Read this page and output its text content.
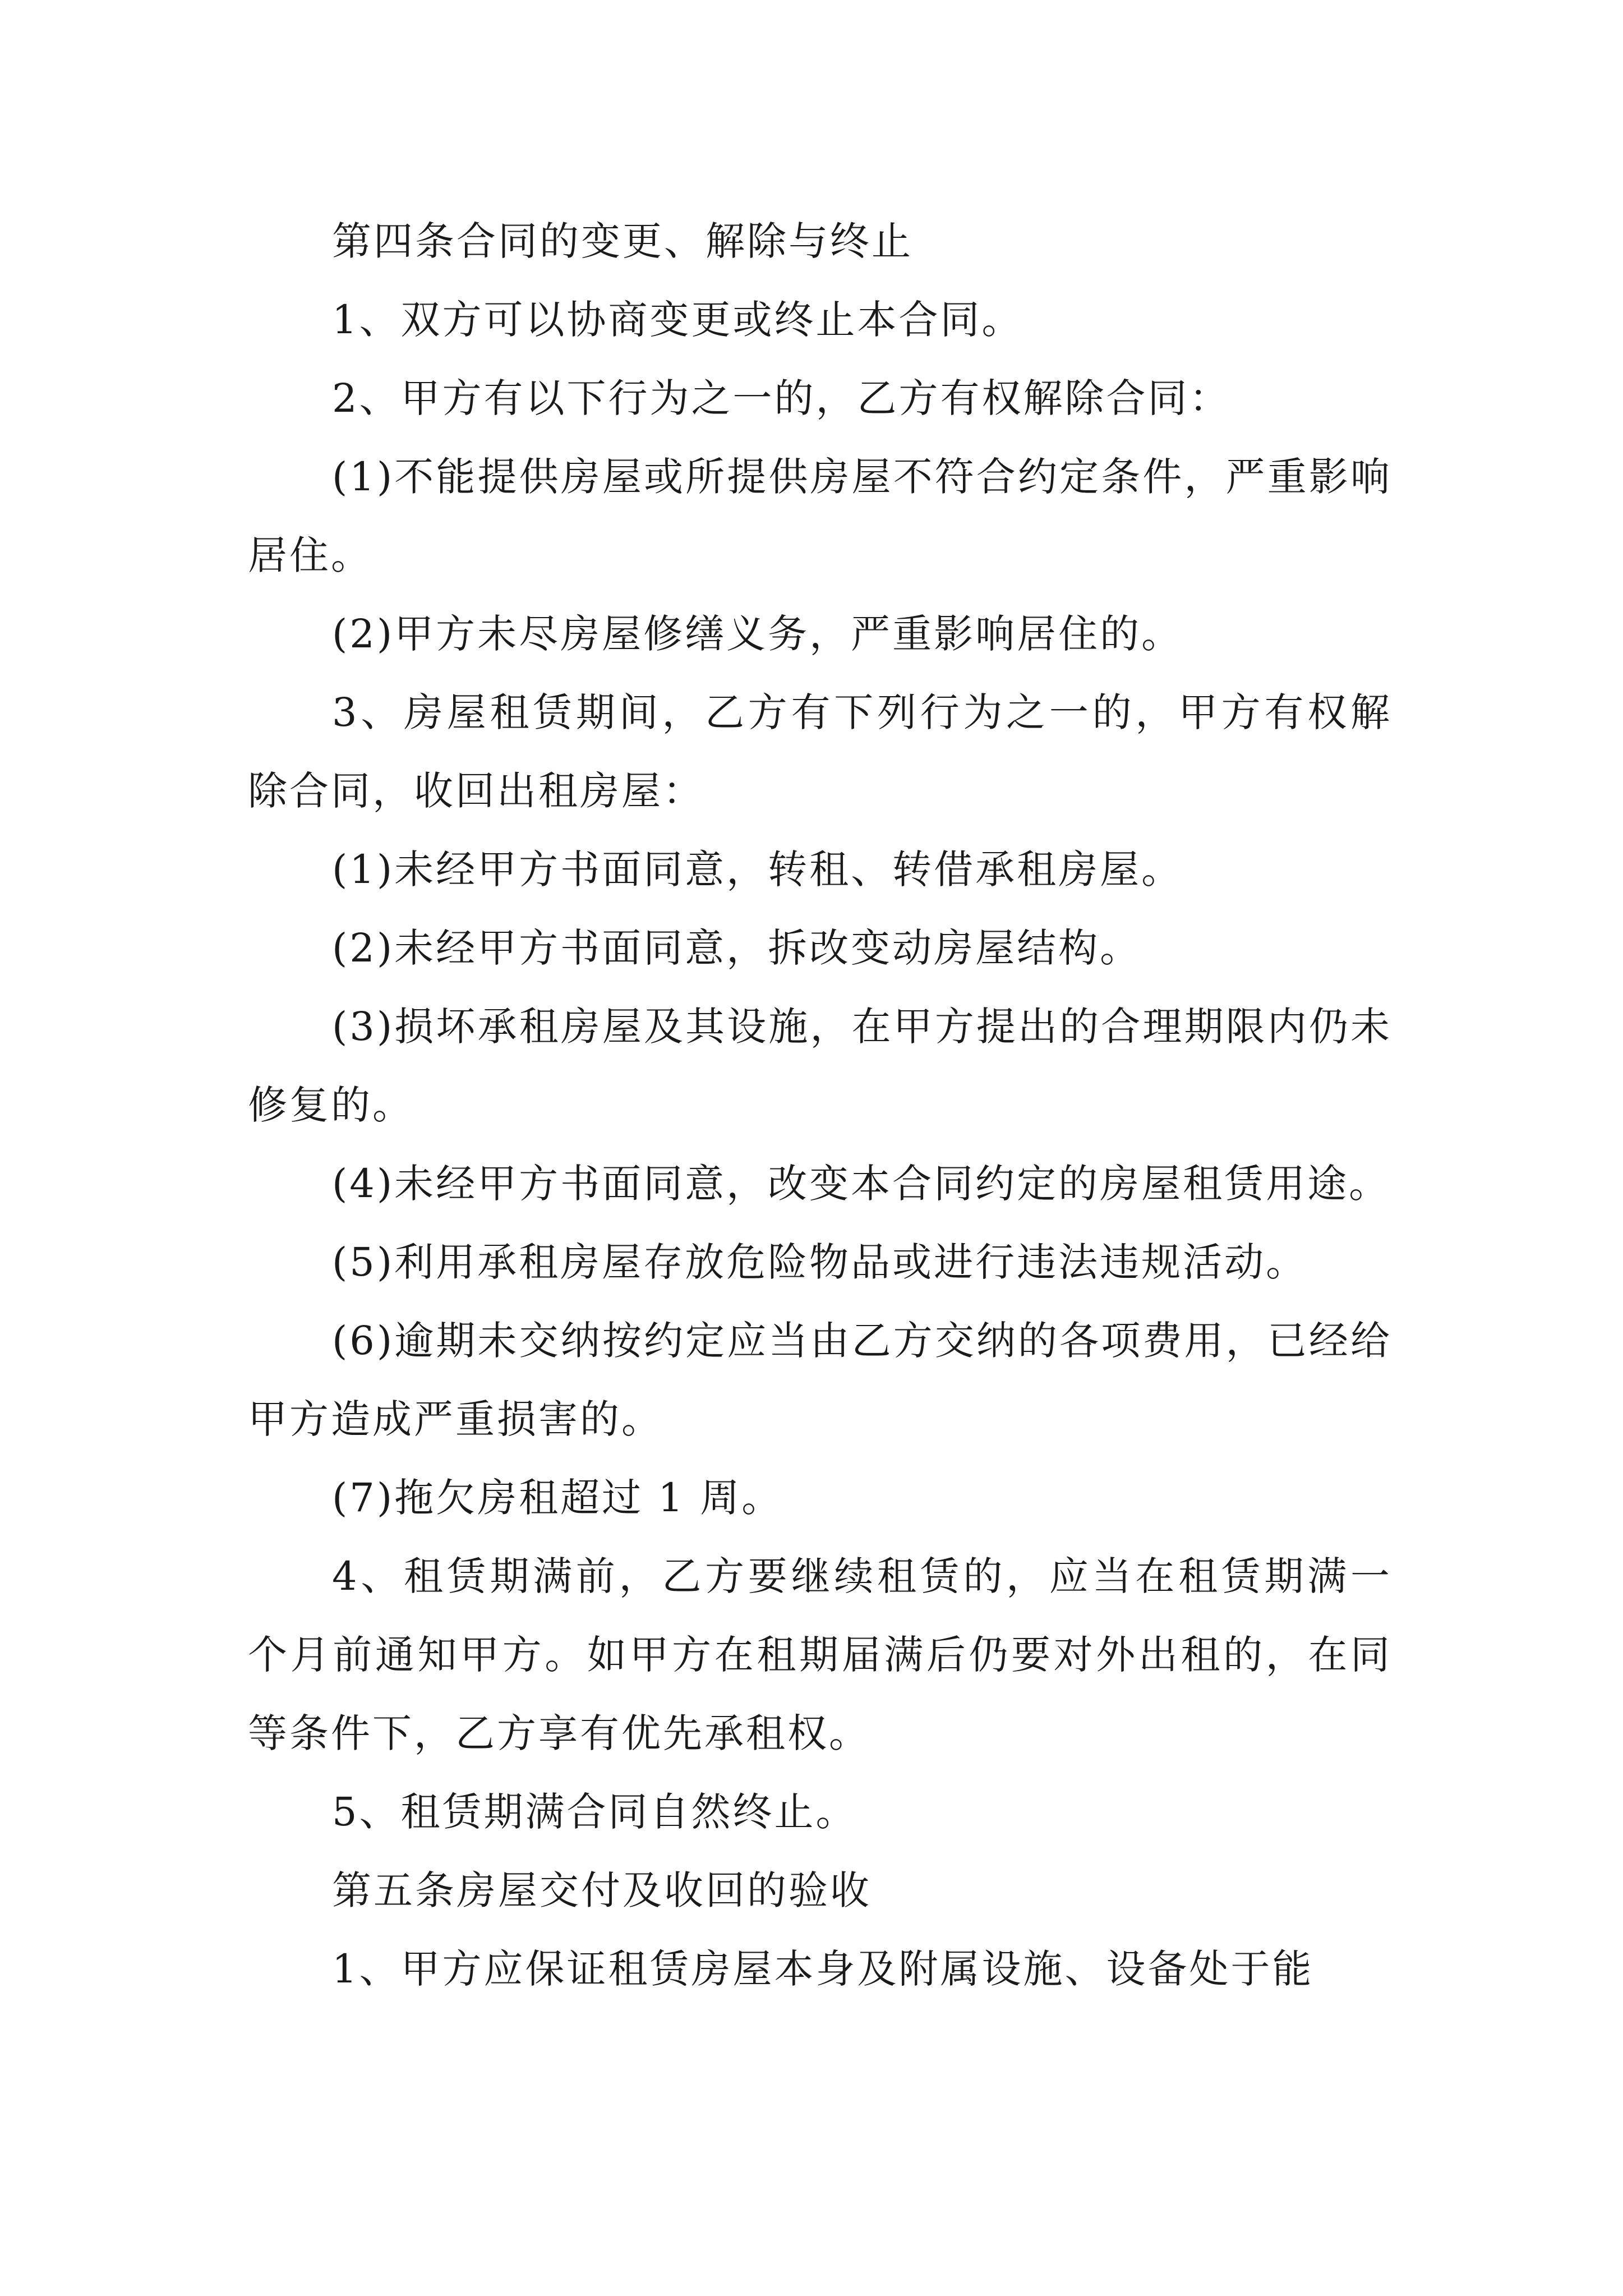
第四条合同的变更、解除与终止

1、双方可以协商变更或终止本合同。

2、甲方有以下行为之一的，乙方有权解除合同：

(1)不能提供房屋或所提供房屋不符合约定条件，严重影响居住。

(2)甲方未尽房屋修缮义务，严重影响居住的。

3、房屋租赁期间，乙方有下列行为之一的，甲方有权解除合同，收回出租房屋：

(1)未经甲方书面同意，转租、转借承租房屋。

(2)未经甲方书面同意，拆改变动房屋结构。

(3)损坏承租房屋及其设施，在甲方提出的合理期限内仍未修复的。

(4)未经甲方书面同意，改变本合同约定的房屋租赁用途。

(5)利用承租房屋存放危险物品或进行违法违规活动。

(6)逾期未交纳按约定应当由乙方交纳的各项费用，已经给甲方造成严重损害的。

(7)拖欠房租超过 1 周。

4、租赁期满前，乙方要继续租赁的，应当在租赁期满一个月前通知甲方。如甲方在租期届满后仍要对外出租的，在同等条件下，乙方享有优先承租权。

5、租赁期满合同自然终止。

第五条房屋交付及收回的验收

1、甲方应保证租赁房屋本身及附属设施、设备处于能
